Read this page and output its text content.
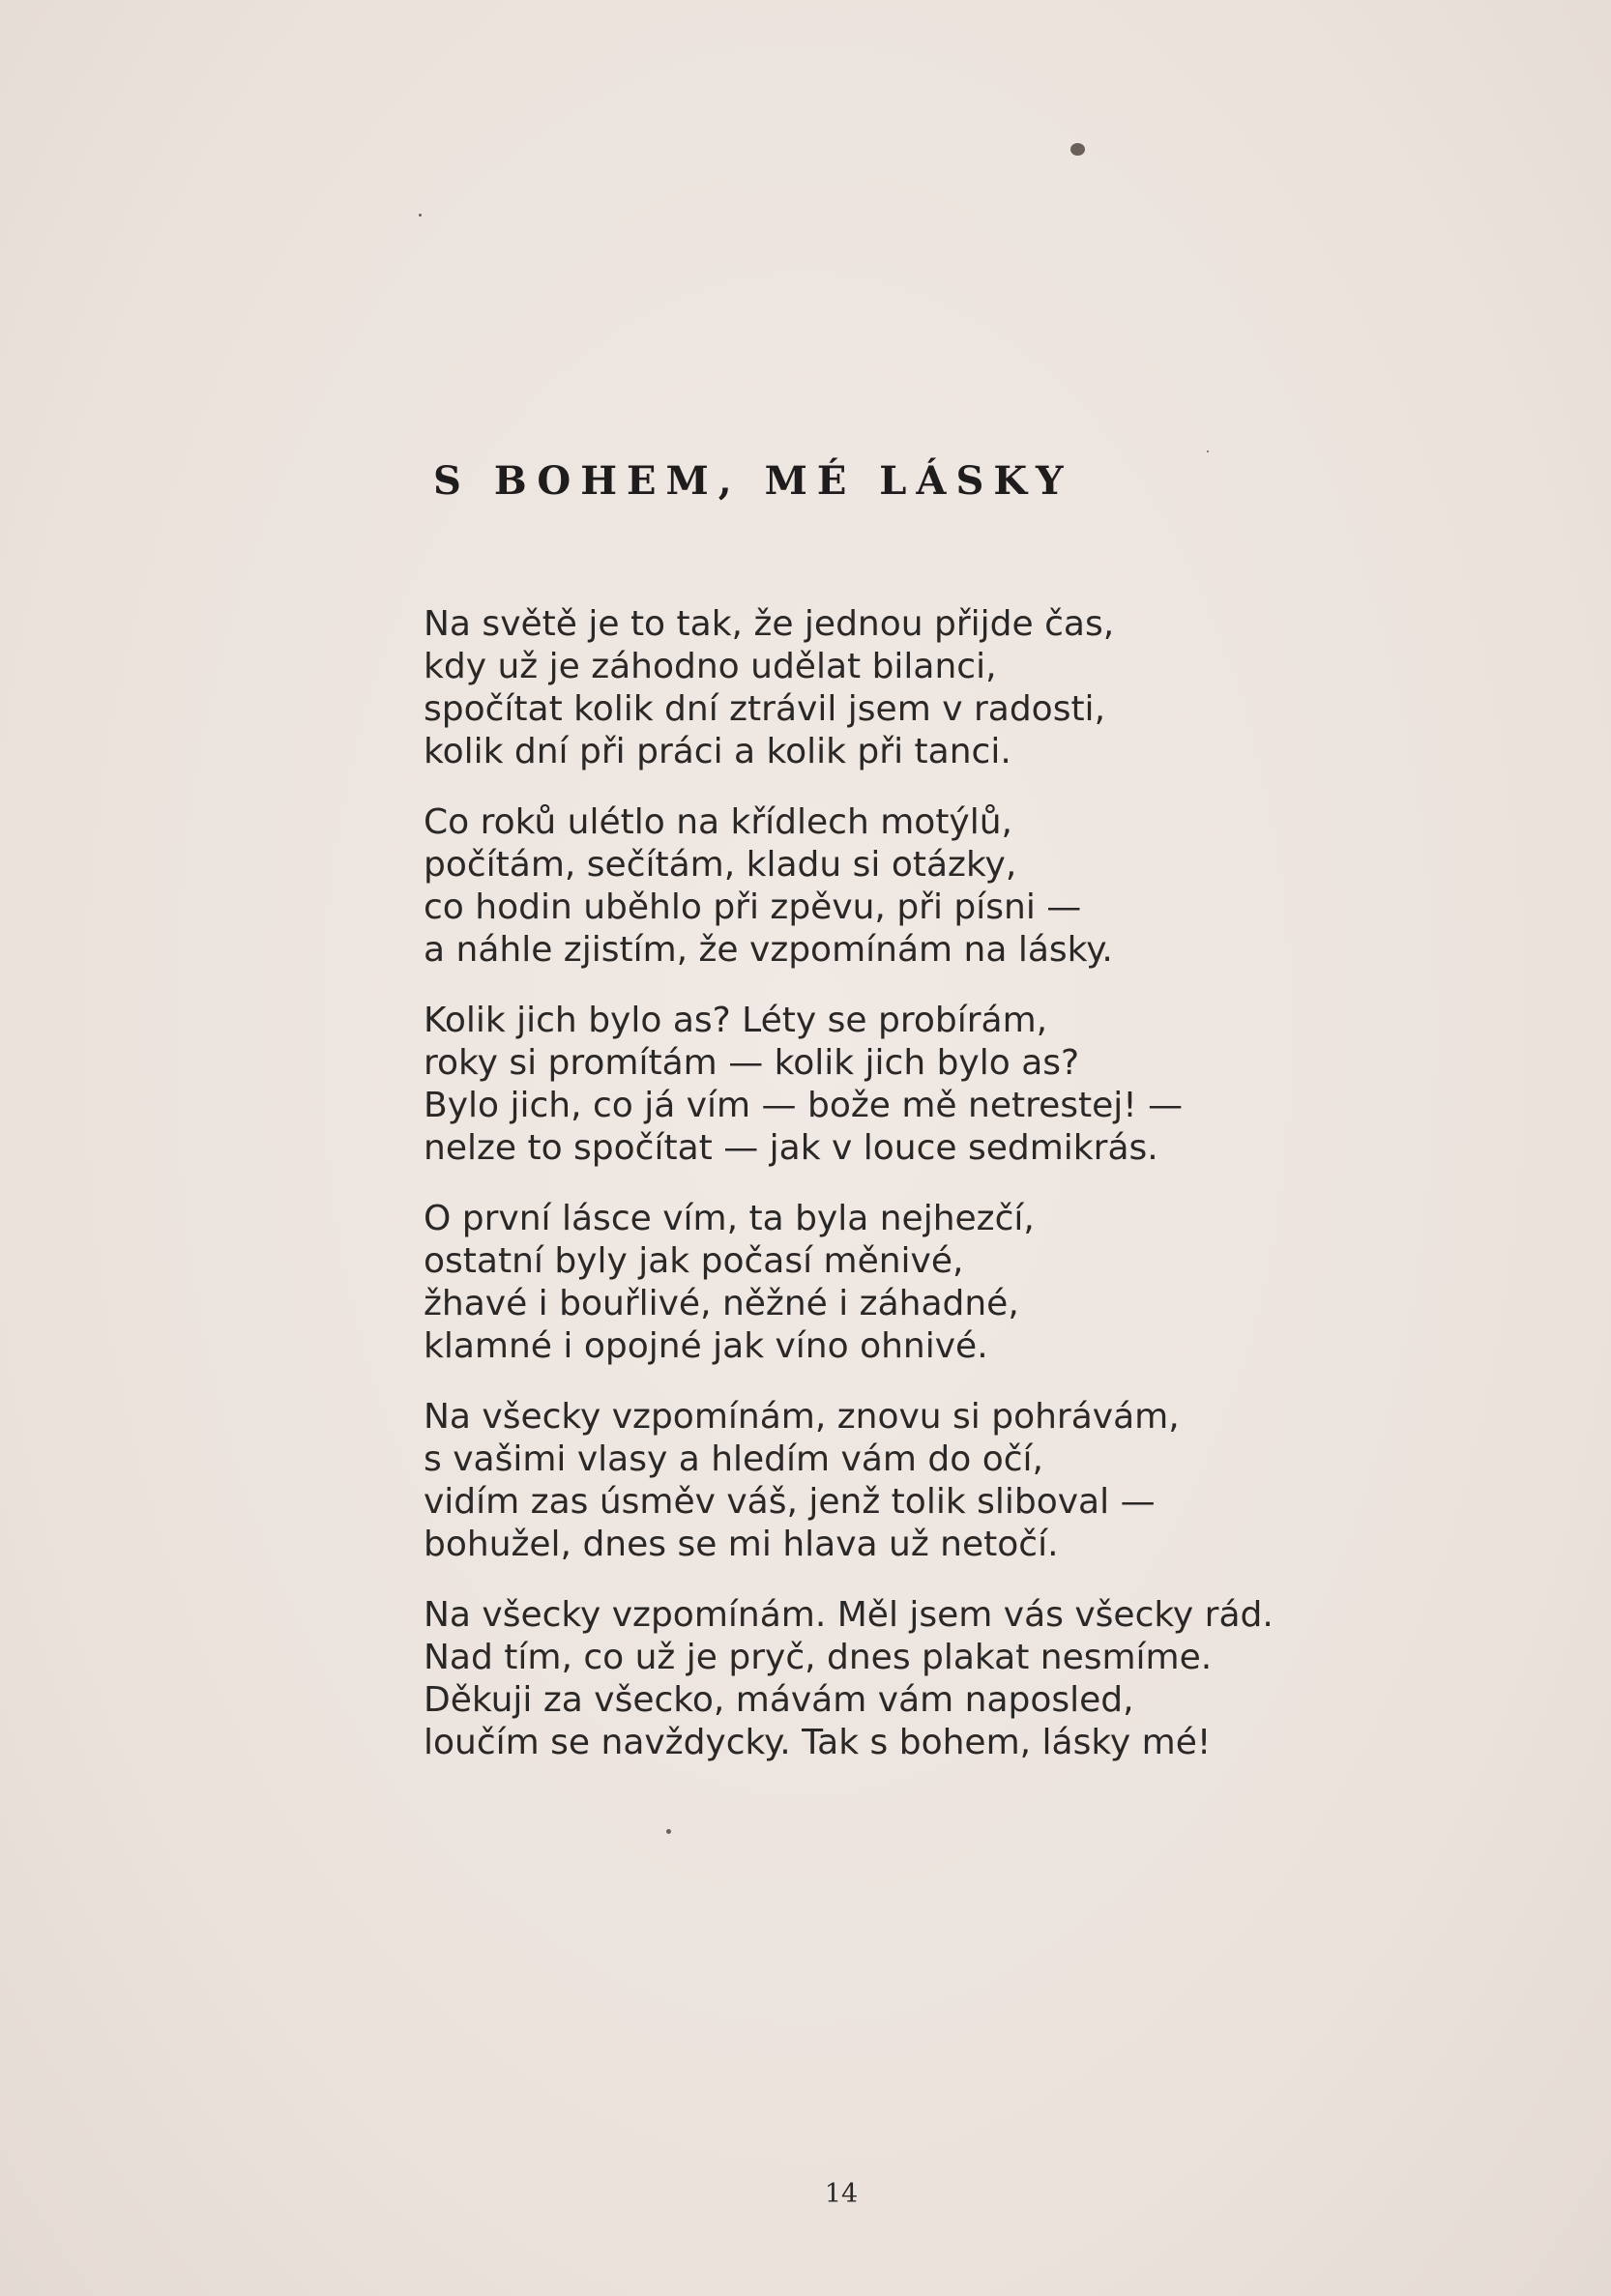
S BOHEM, MÉ LÁSKY
Na světě je to tak, že jednou přijde čas,
kdy už je záhodno udělat bilanci,
spočítat kolik dní ztrávil jsem v radosti,
kolik dní při práci a kolik při tanci.
Co roků ulétlo na křídlech motýlů,
počítám, sečítám, kladu si otázky,
co hodin uběhlo při zpěvu, při písni —
a náhle zjistím, že vzpomínám na lásky.
Kolik jich bylo as? Léty se probírám,
roky si promítám — kolik jich bylo as?
Bylo jich, co já vím — bože mě netrestej! —
nelze to spočítat — jak v louce sedmikrás.
O první lásce vím, ta byla nejhezčí,
ostatní byly jak počasí měnivé,
žhavé i bouřlivé, něžné i záhadné,
klamné i opojné jak víno ohnivé.
Na všecky vzpomínám, znovu si pohrávám,
s vašimi vlasy a hledím vám do očí,
vidím zas úsměv váš, jenž tolik sliboval —
bohužel, dnes se mi hlava už netočí.
Na všecky vzpomínám. Měl jsem vás všecky rád.
Nad tím, co už je pryč, dnes plakat nesmíme.
Děkuji za všecko, mávám vám naposled,
loučím se navždycky. Tak s bohem, lásky mé!
14
